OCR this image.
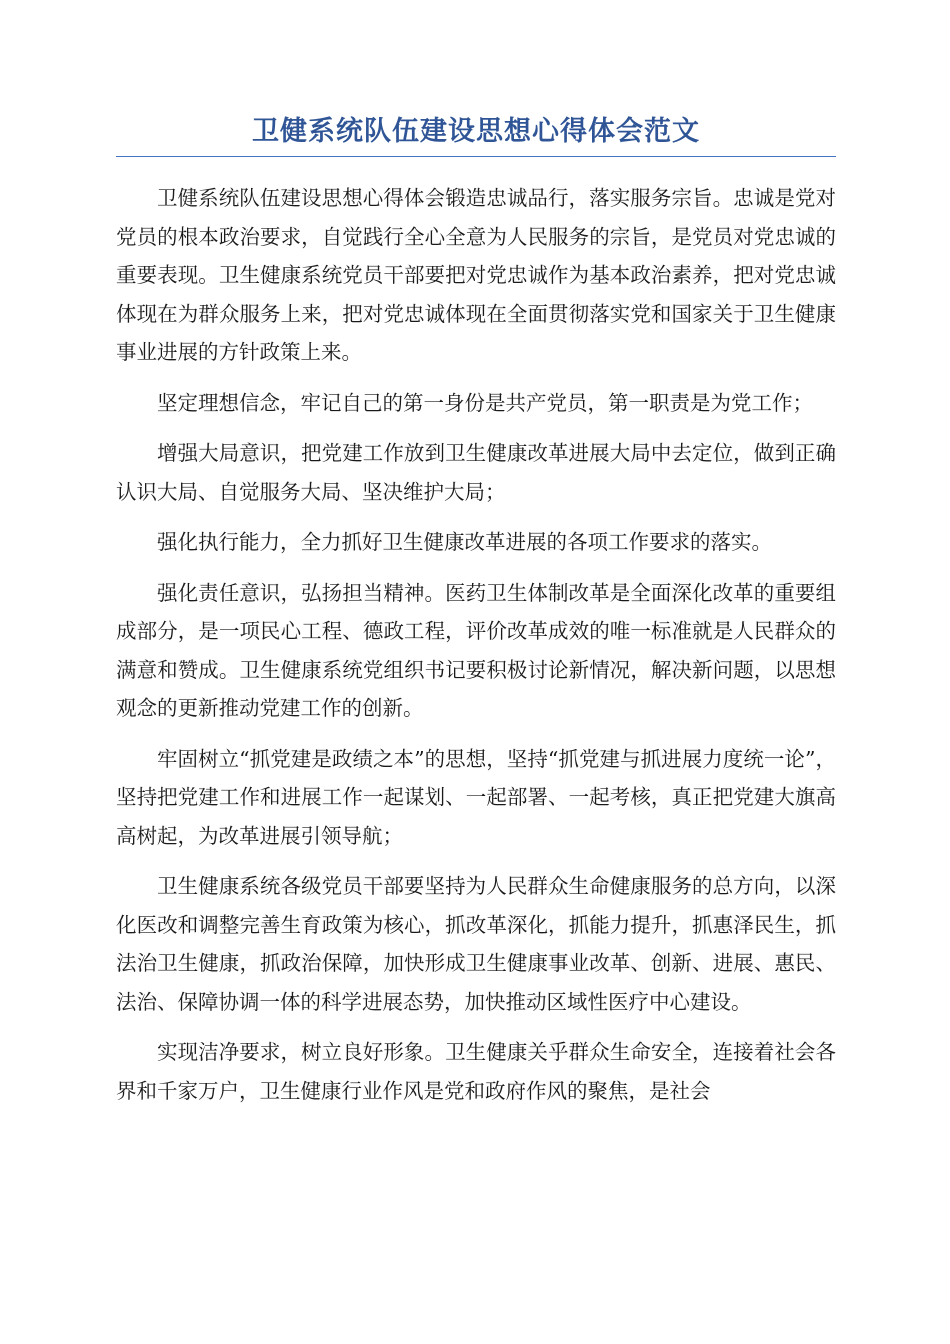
卫健系统队伍建设思想心得体会范文

卫健系统队伍建设思想心得体会锻造忠诚品行，落实服务宗旨。忠诚是党对党员的根本政治要求，自觉践行全心全意为人民服务的宗旨，是党员对党忠诚的重要表现。卫生健康系统党员干部要把对党忠诚作为基本政治素养，把对党忠诚体现在为群众服务上来，把对党忠诚体现在全面贯彻落实党和国家关于卫生健康事业进展的方针政策上来。

坚定理想信念，牢记自己的第一身份是共产党员，第一职责是为党工作；

增强大局意识，把党建工作放到卫生健康改革进展大局中去定位，做到正确认识大局、自觉服务大局、坚决维护大局；

强化执行能力，全力抓好卫生健康改革进展的各项工作要求的落实。

强化责任意识，弘扬担当精神。医药卫生体制改革是全面深化改革的重要组成部分，是一项民心工程、德政工程，评价改革成效的唯一标准就是人民群众的满意和赞成。卫生健康系统党组织书记要积极讨论新情况，解决新问题，以思想观念的更新推动党建工作的创新。

牢固树立“抓党建是政绩之本”的思想，坚持“抓党建与抓进展力度统一论”，坚持把党建工作和进展工作一起谋划、一起部署、一起考核，真正把党建大旗高高树起，为改革进展引领导航；

卫生健康系统各级党员干部要坚持为人民群众生命健康服务的总方向，以深化医改和调整完善生育政策为核心，抓改革深化，抓能力提升，抓惠泽民生，抓法治卫生健康，抓政治保障，加快形成卫生健康事业改革、创新、进展、惠民、法治、保障协调一体的科学进展态势，加快推动区域性医疗中心建设。

实现洁净要求，树立良好形象。卫生健康关乎群众生命安全，连接着社会各界和千家万户，卫生健康行业作风是党和政府作风的聚焦，是社会
